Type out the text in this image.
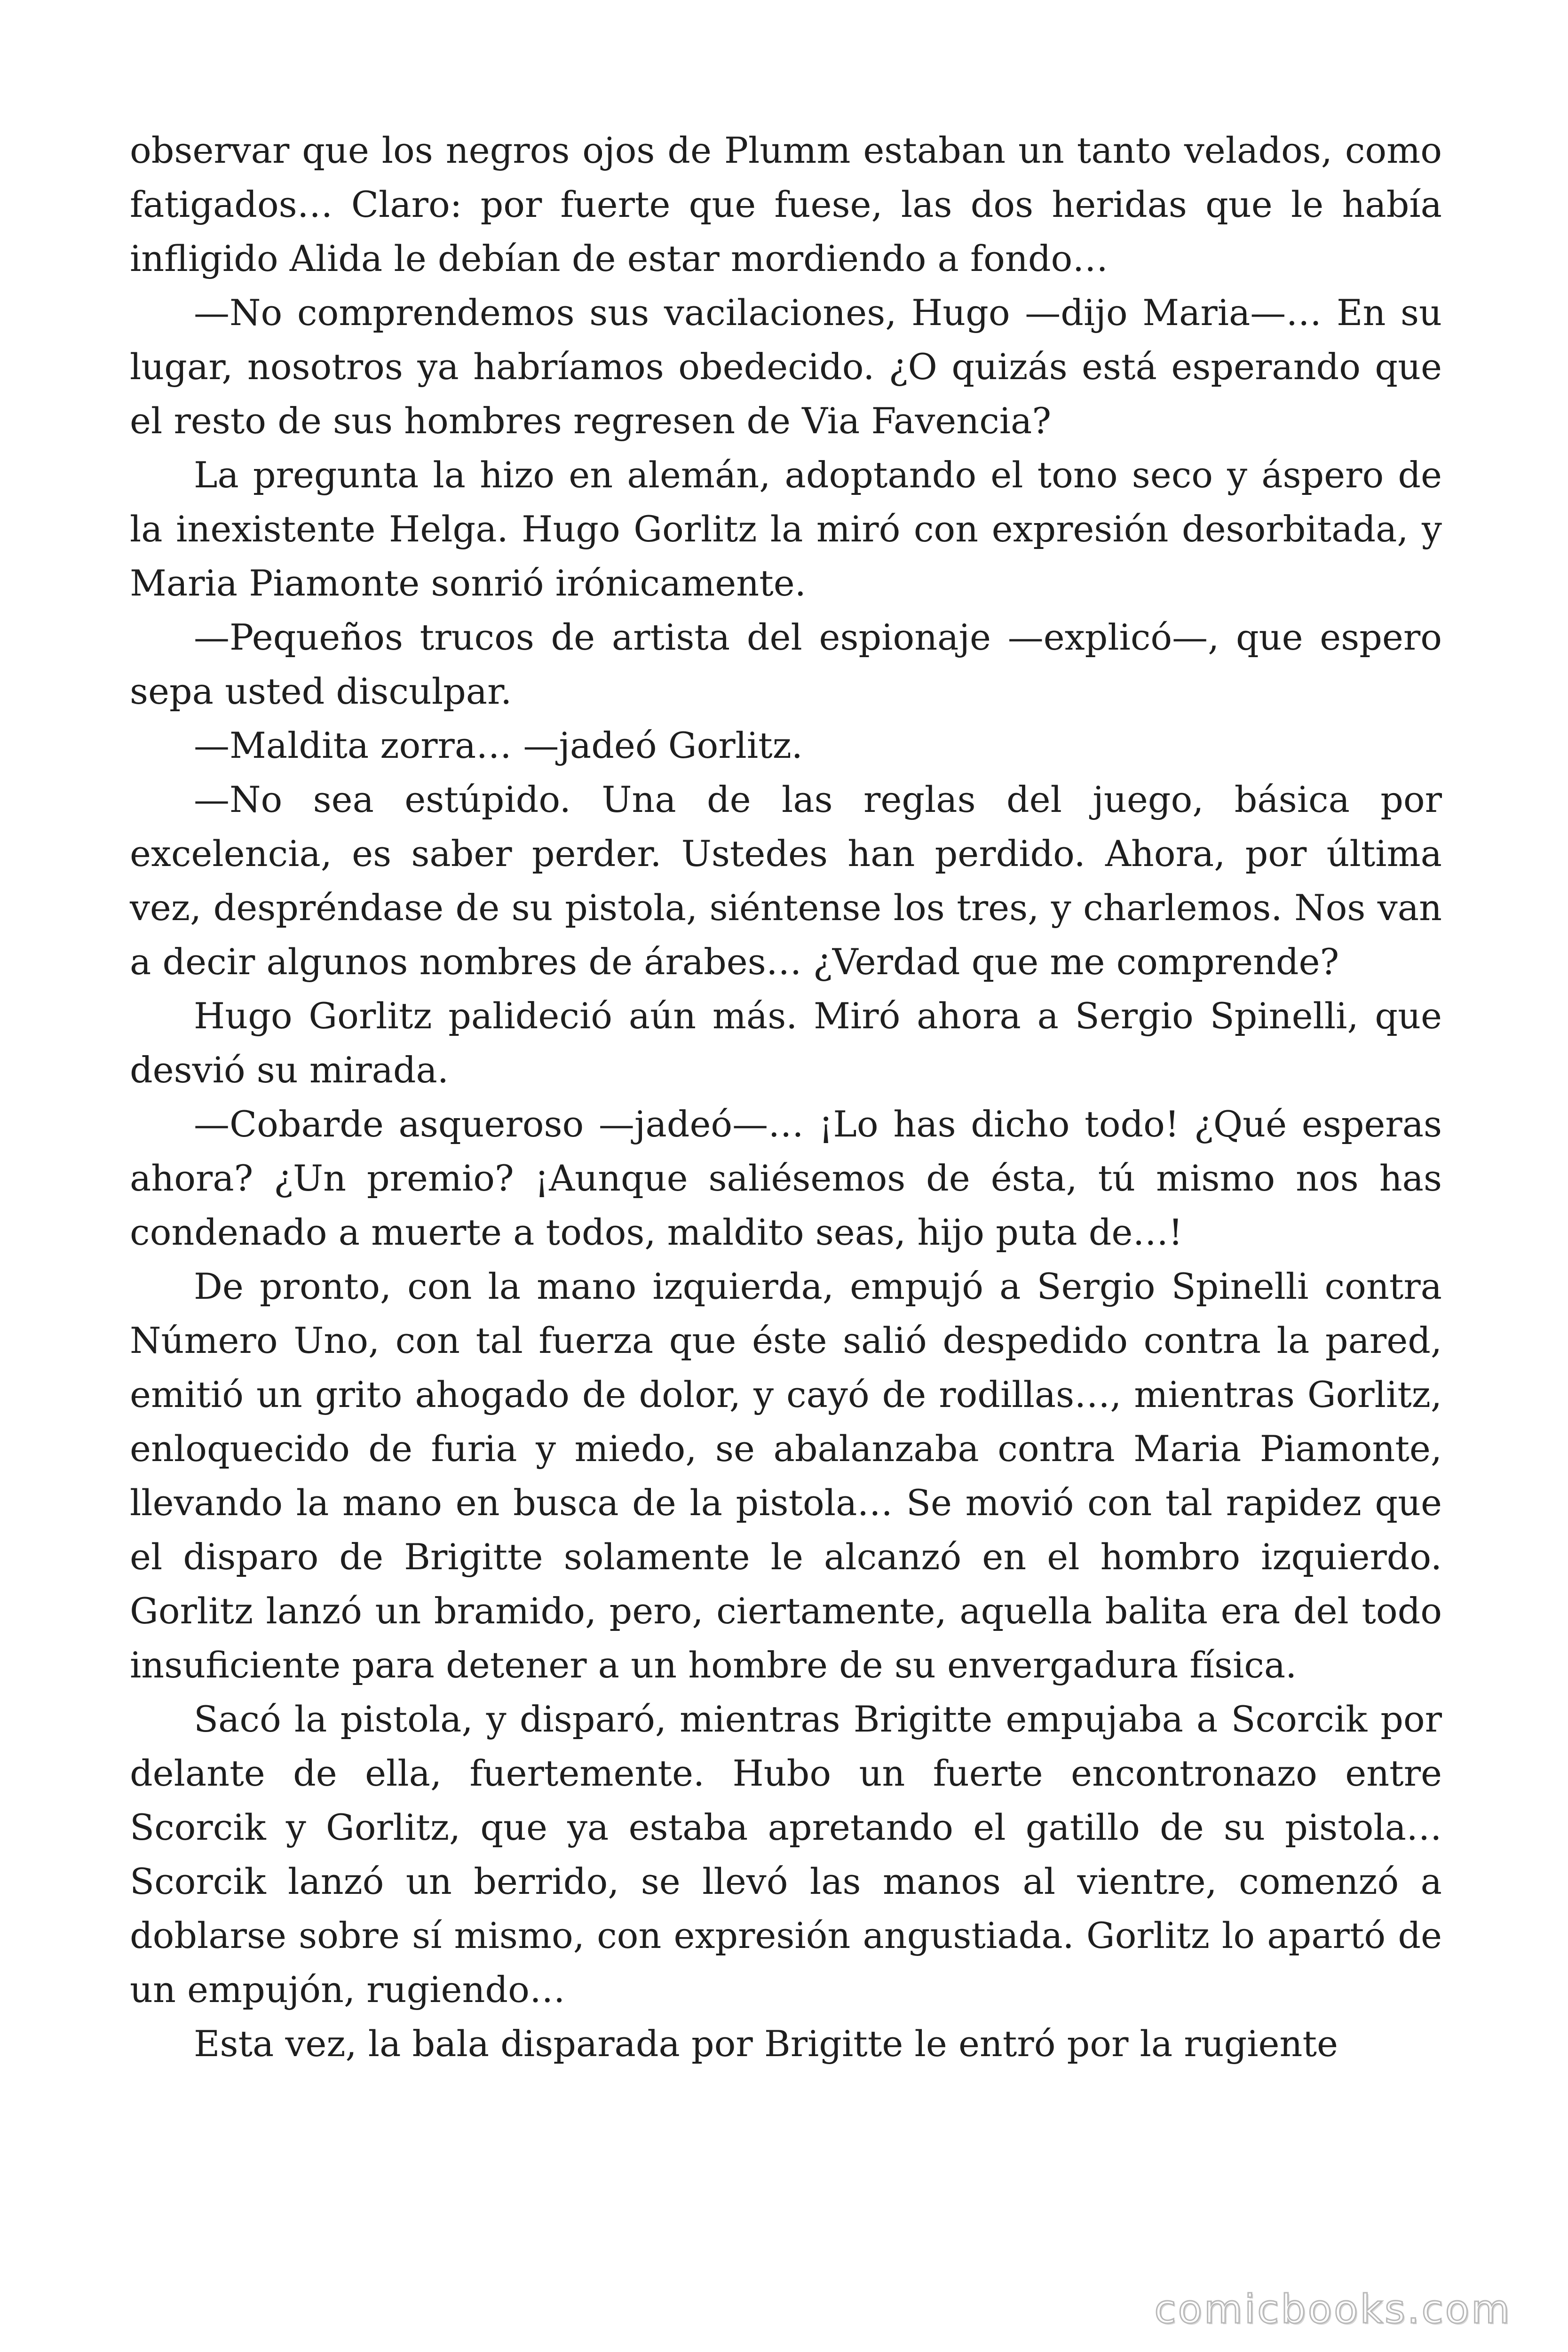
observar que los negros ojos de Plumm estaban un tanto velados, como fatigados… Claro: por fuerte que fuese, las dos heridas que le había infligido Alida le debían de estar mordiendo a fondo…

—No comprendemos sus vacilaciones, Hugo —dijo Maria—… En su lugar, nosotros ya habríamos obedecido. ¿O quizás está esperando que el resto de sus hombres regresen de Via Favencia?

La pregunta la hizo en alemán, adoptando el tono seco y áspero de la inexistente Helga. Hugo Gorlitz la miró con expresión desorbitada, y Maria Piamonte sonrió irónicamente.

—Pequeños trucos de artista del espionaje —explicó—, que espero sepa usted disculpar.

—Maldita zorra… —jadeó Gorlitz.

—No sea estúpido. Una de las reglas del juego, básica por excelencia, es saber perder. Ustedes han perdido. Ahora, por última vez, despréndase de su pistola, siéntense los tres, y charlemos. Nos van a decir algunos nombres de árabes… ¿Verdad que me comprende?

Hugo Gorlitz palideció aún más. Miró ahora a Sergio Spinelli, que desvió su mirada.

—Cobarde asqueroso —jadeó—… ¡Lo has dicho todo! ¿Qué esperas ahora? ¿Un premio? ¡Aunque saliésemos de ésta, tú mismo nos has condenado a muerte a todos, maldito seas, hijo puta de…!

De pronto, con la mano izquierda, empujó a Sergio Spinelli contra Número Uno, con tal fuerza que éste salió despedido contra la pared, emitió un grito ahogado de dolor, y cayó de rodillas…, mientras Gorlitz, enloquecido de furia y miedo, se abalanzaba contra Maria Piamonte, llevando la mano en busca de la pistola… Se movió con tal rapidez que el disparo de Brigitte solamente le alcanzó en el hombro izquierdo. Gorlitz lanzó un bramido, pero, ciertamente, aquella balita era del todo insuficiente para detener a un hombre de su envergadura física.

Sacó la pistola, y disparó, mientras Brigitte empujaba a Scorcik por delante de ella, fuertemente. Hubo un fuerte encontronazo entre Scorcik y Gorlitz, que ya estaba apretando el gatillo de su pistola… Scorcik lanzó un berrido, se llevó las manos al vientre, comenzó a doblarse sobre sí mismo, con expresión angustiada. Gorlitz lo apartó de un empujón, rugiendo…

Esta vez, la bala disparada por Brigitte le entró por la rugiente

comicbooks.com
